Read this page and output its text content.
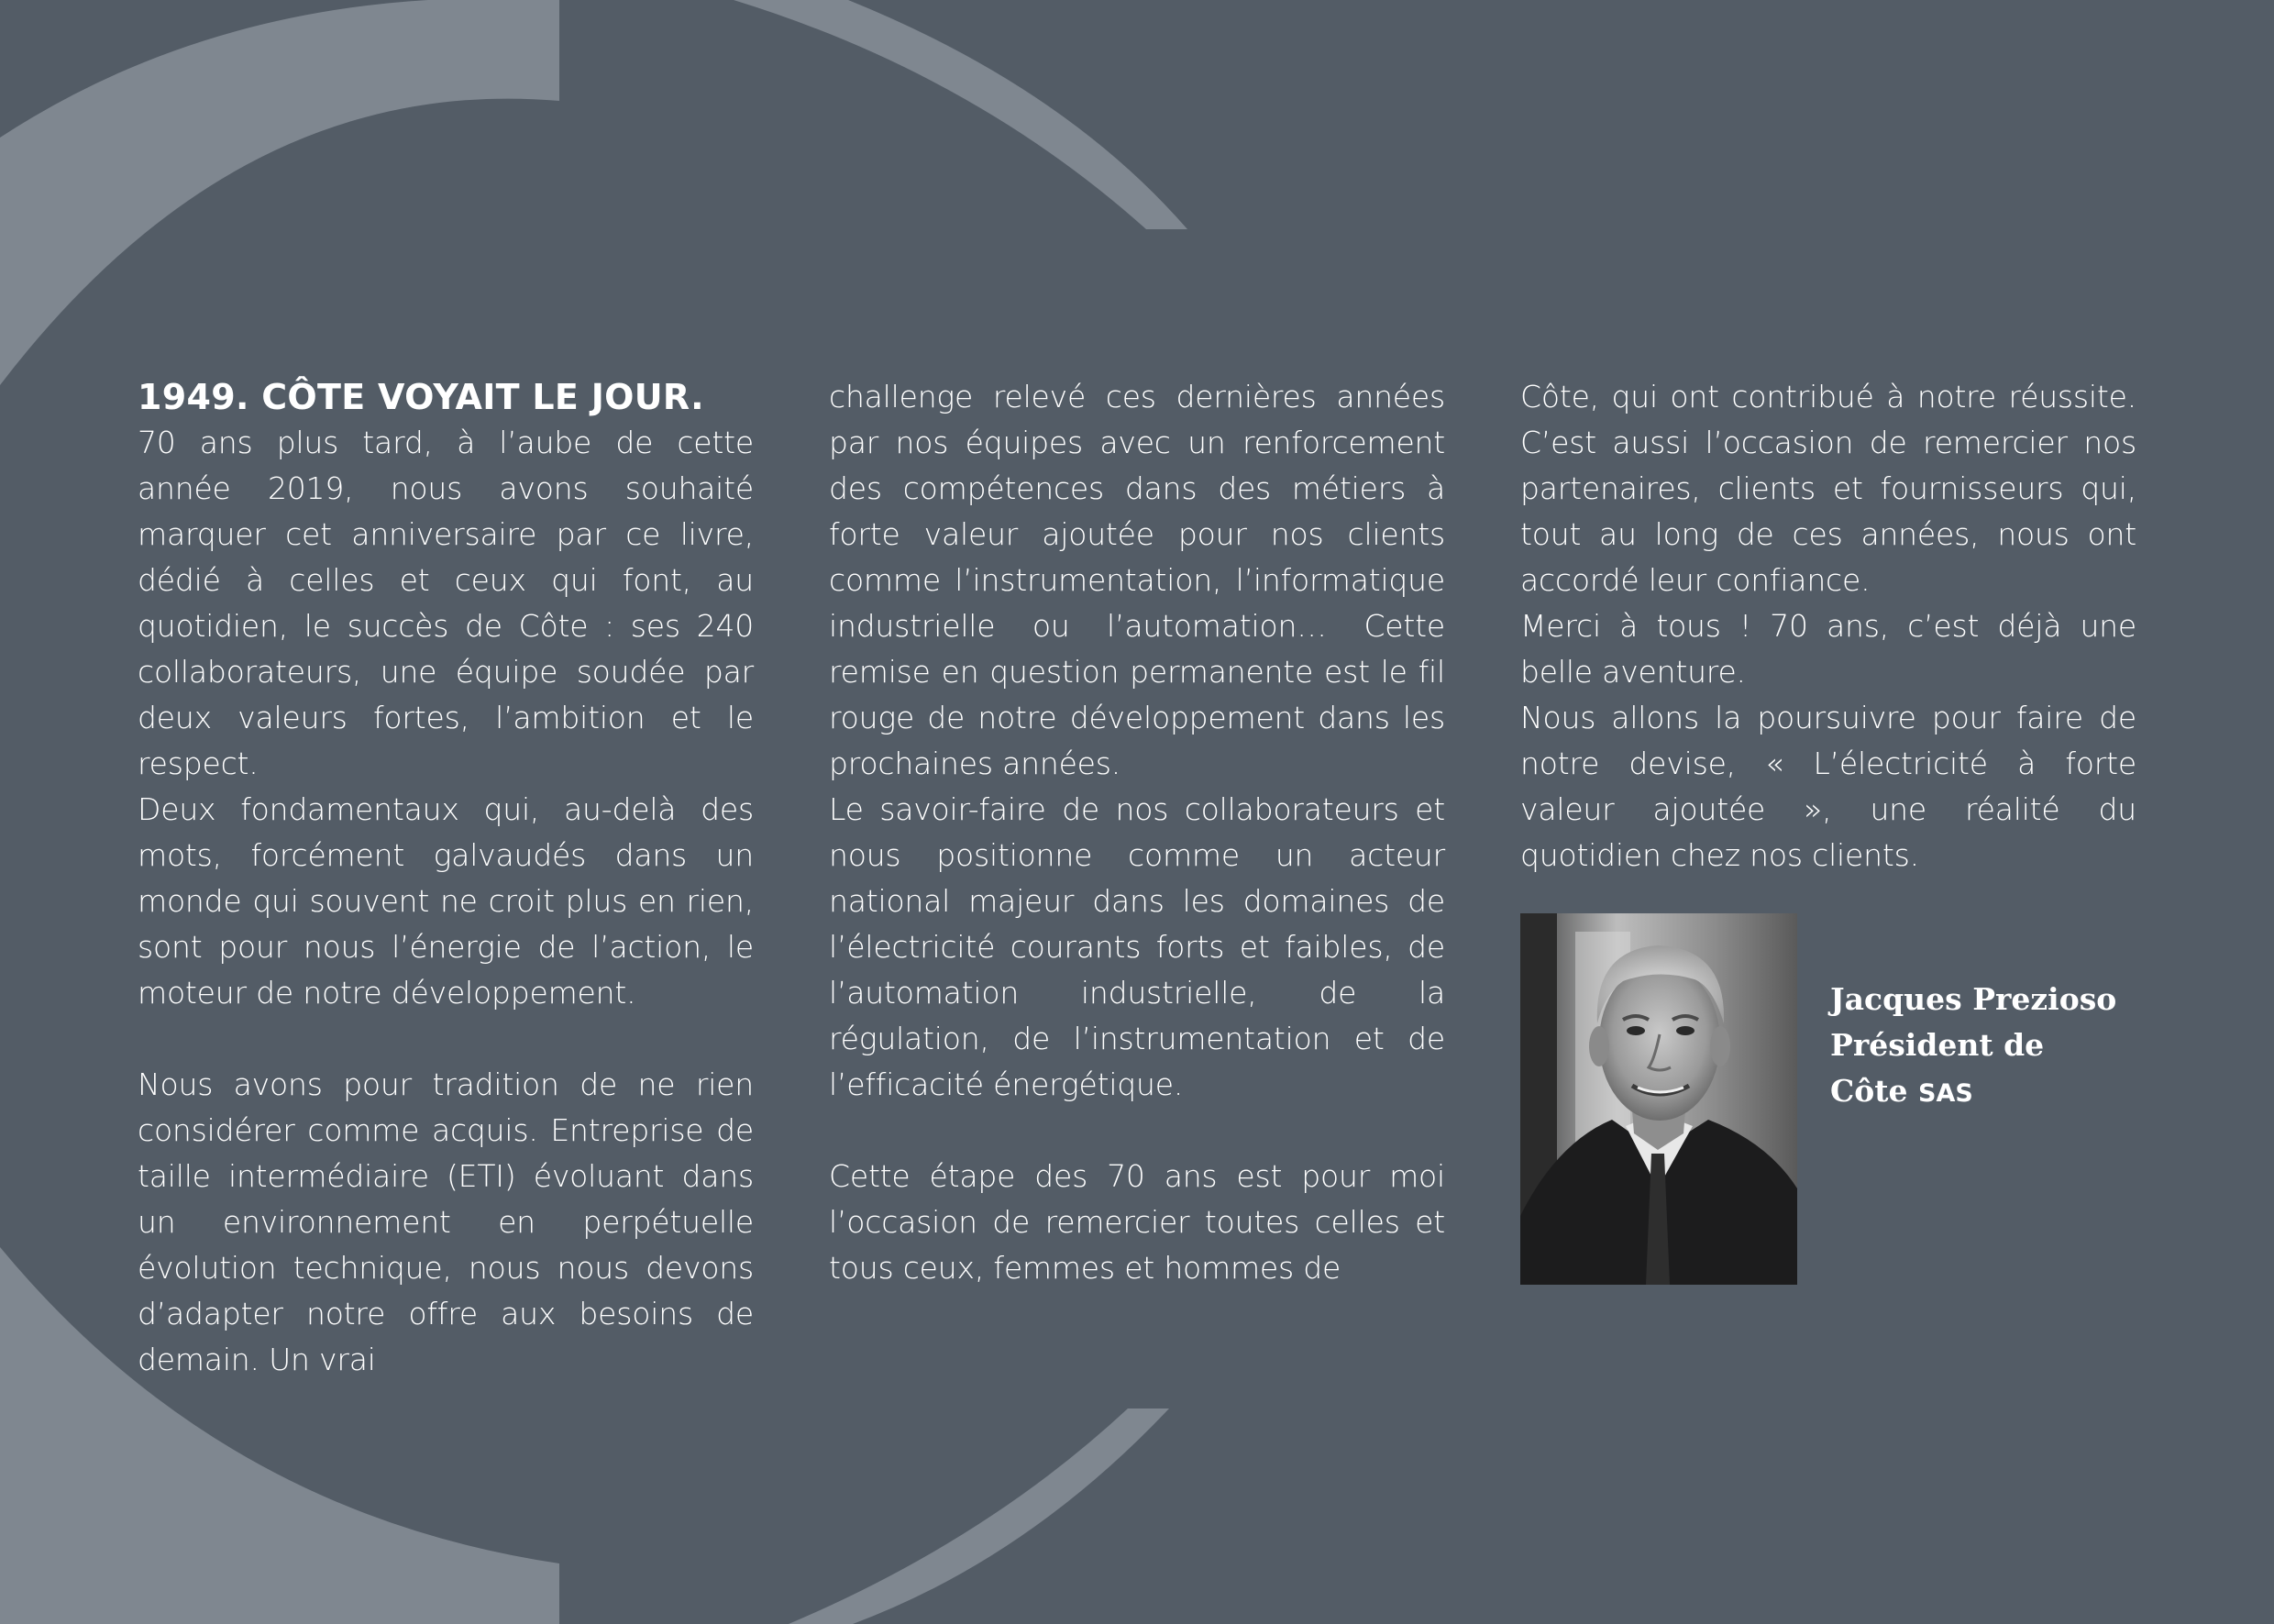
1949. CÔTE VOYAIT LE JOUR.

70 ans plus tard, à l’aube de cette année 2019, nous avons souhaité marquer cet anniversaire par ce livre, dédié à celles et ceux qui font, au quotidien, le succès de Côte : ses 240 collaborateurs, une équipe soudée par deux valeurs fortes, l’ambition et le respect.

Deux fondamentaux qui, au-delà des mots, forcément galvaudés dans un monde qui souvent ne croit plus en rien, sont pour nous l’énergie de l’action, le moteur de notre développement.

Nous avons pour tradition de ne rien considérer comme acquis. Entreprise de taille intermédiaire (ETI) évoluant dans un environnement en perpétuelle évolution technique, nous nous devons d’adapter notre offre aux besoins de demain. Un vrai

challenge relevé ces dernières années par nos équipes avec un renforcement des compétences dans des métiers à forte valeur ajoutée pour nos clients comme l’instrumentation, l’informatique industrielle ou l’automation… Cette remise en question permanente est le fil rouge de notre développement dans les prochaines années.

Le savoir-faire de nos collaborateurs et nous positionne comme un acteur national majeur dans les domaines de l’électricité courants forts et faibles, de l’automation industrielle, de la régulation, de l’instrumentation et de l’efficacité énergétique.

Cette étape des 70 ans est pour moi l’occasion de remercier toutes celles et tous ceux, femmes et hommes de

Côte, qui ont contribué à notre réussite. C’est aussi l’occasion de remercier nos partenaires, clients et fournisseurs qui, tout au long de ces années, nous ont accordé leur confiance.

Merci à tous ! 70 ans, c’est déjà une belle aventure.

Nous allons la poursuivre pour faire de notre devise, « L’électricité à forte valeur ajoutée », une réalité du quotidien chez nos clients.

Jacques Prezioso
Président de
Côte SAS
